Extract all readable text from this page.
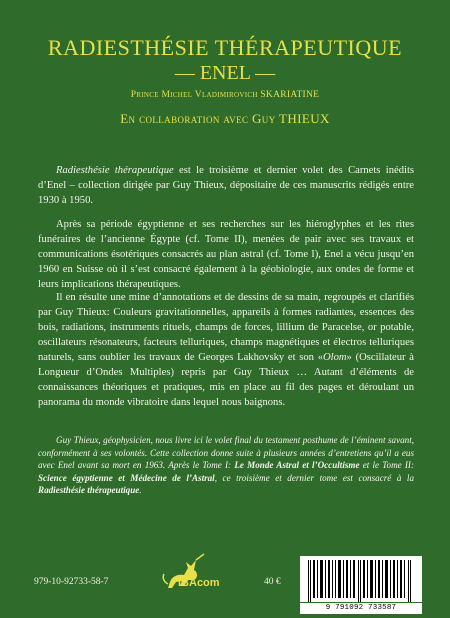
RADIESTHÉSIE THÉRAPEUTIQUE
— ENEL —
Prince Michel Vladimirovich SKARIATINE
En collaboration avec Guy THIEUX
Radiesthésie thérapeutique est le troisième et dernier volet des Carnets inédits d’Enel – collection dirigée par Guy Thieux, dépositaire de ces manuscrits rédigés entre 1930 à 1950.
Après sa période égyptienne et ses recherches sur les hiéroglyphes et les rites funéraires de l’ancienne Égypte (cf. Tome II), menées de pair avec ses travaux et communications ésotériques consacrés au plan astral (cf. Tome I), Enel a vécu jusqu’en 1960 en Suisse où il s’est consacré également à la géobiologie, aux ondes de forme et leurs implications thérapeutiques.
Il en résulte une mine d’annotations et de dessins de sa main, regroupés et clarifiés par Guy Thieux: Couleurs gravitationnelles, appareils à formes radiantes, essences des bois, radiations, instruments rituels, champs de forces, lillium de Paracelse, or potable, oscillateurs résonateurs, facteurs telluriques, champs magnétiques et électros telluriques naturels, sans oublier les travaux de Georges Lakhovsky et son «Olom» (Oscillateur à Longueur d’Ondes Multiples) repris par Guy Thieux … Autant d’éléments de connaissances théoriques et pratiques, mis en place au fil des pages et déroulant un panorama du monde vibratoire dans lequel nous baignons.
Guy Thieux, géophysicien, nous livre ici le volet final du testament posthume de l’éminent savant, conformément à ses volontés. Cette collection donne suite à plusieurs années d’entretiens qu’il a eus avec Enel avant sa mort en 1963. Après le Tome I: Le Monde Astral et l’Occultisme et le Tome II: Science égyptienne et Médecine de l’Astral, ce troisième et dernier tome est consacré à la Radiesthésie thérapeutique.
979-10-92733-58-7	IBAcom	40 €
9 791092 733587
